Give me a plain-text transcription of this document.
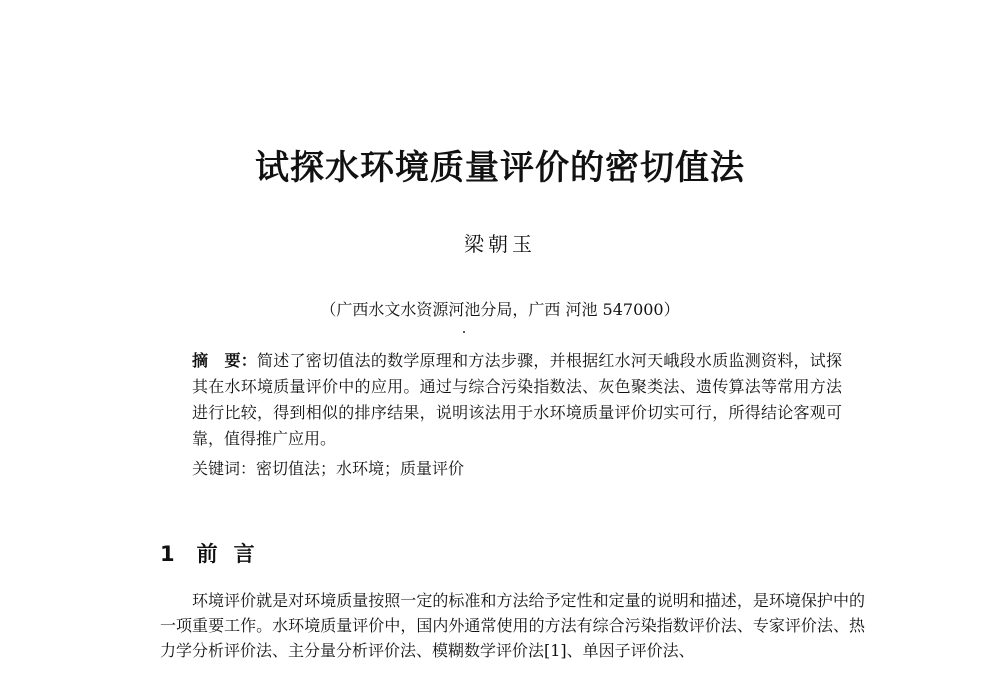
试探水环境质量评价的密切值法
梁朝玉
（广西水文水资源河池分局，广西 河池 547000）
摘　要：简述了密切值法的数学原理和方法步骤，并根据红水河天峨段水质监测资料，试探其在水环境质量评价中的应用。通过与综合污染指数法、灰色聚类法、遗传算法等常用方法进行比较，得到相似的排序结果，说明该法用于水环境质量评价切实可行，所得结论客观可靠，值得推广应用。
关键词：密切值法；水环境；质量评价
1 前言
环境评价就是对环境质量按照一定的标准和方法给予定性和定量的说明和描述，是环境保护中的一项重要工作。水环境质量评价中，国内外通常使用的方法有综合污染指数评价法、专家评价法、热力学分析评价法、主分量分析评价法、模糊数学评价法[1]、单因子评价法、
